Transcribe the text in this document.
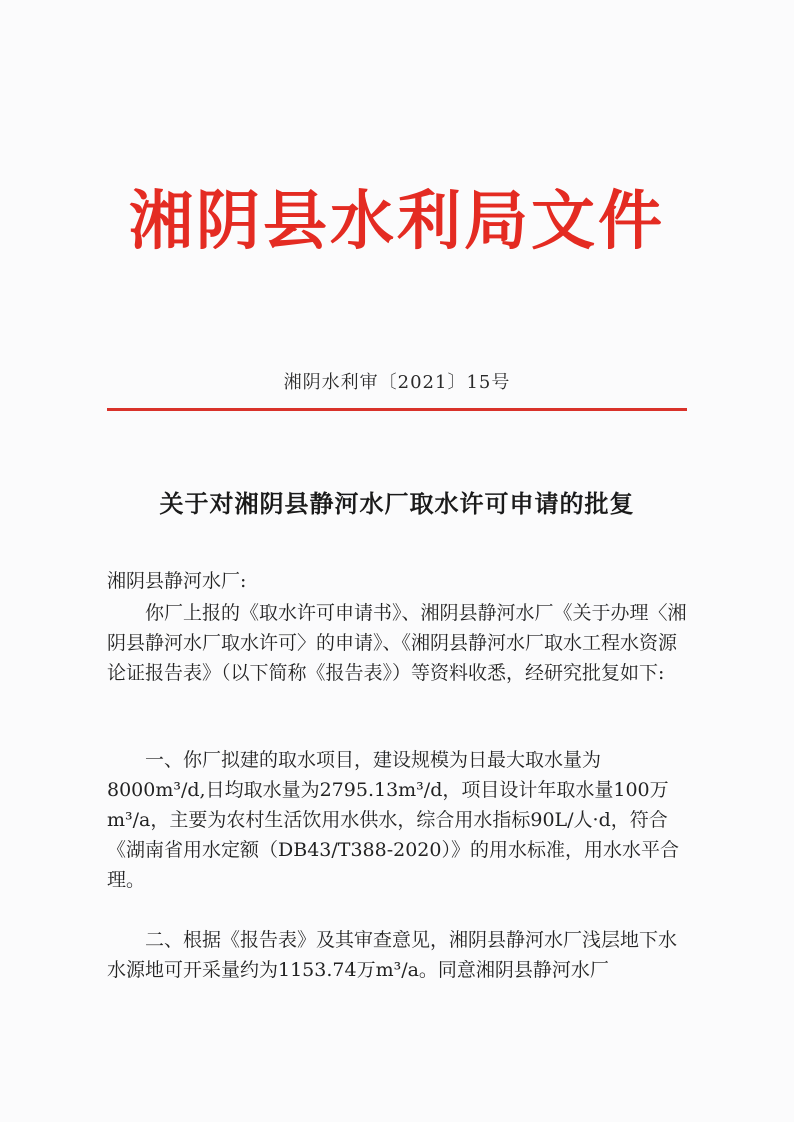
湘阴县水利局文件
湘阴水利审〔2021〕15号
关于对湘阴县静河水厂取水许可申请的批复
湘阴县静河水厂:

你厂上报的《取水许可申请书》、湘阴县静河水厂《关于办理〈湘阴县静河水厂取水许可〉的申请》、《湘阴县静河水厂取水工程水资源论证报告表》（以下简称《报告表》）等资料收悉，经研究批复如下:

一、你厂拟建的取水项目，建设规模为日最大取水量为8000m³/d,日均取水量为2795.13m³/d，项目设计年取水量100万m³/a，主要为农村生活饮用水供水，综合用水指标90L/人·d，符合《湖南省用水定额（DB43/T388-2020）》的用水标准，用水水平合理。

二、根据《报告表》及其审查意见，湘阴县静河水厂浅层地下水水源地可开采量约为1153.74万m³/a。同意湘阴县静河水厂
